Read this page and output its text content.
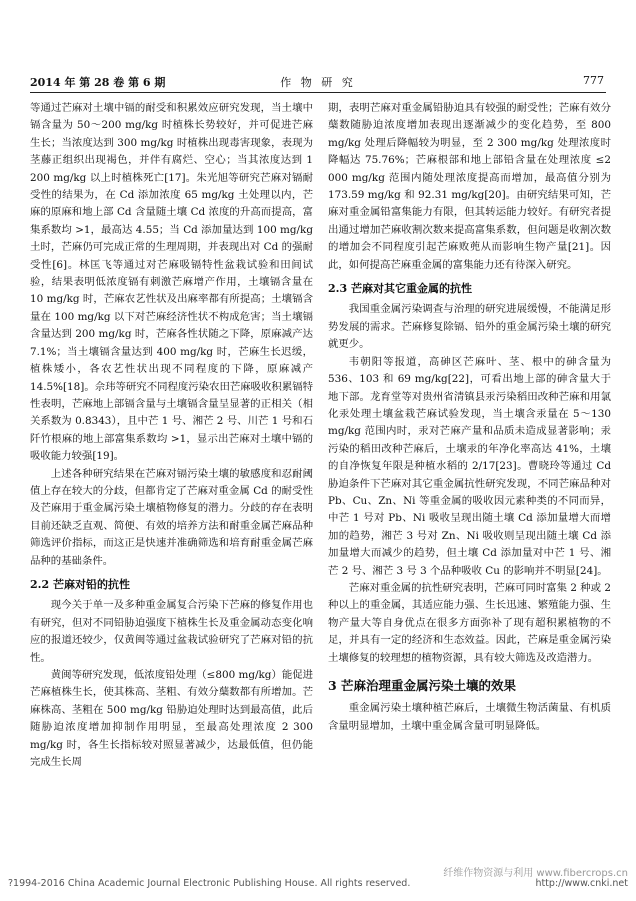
2014 年 第 28 卷 第 6 期	作 物 研 究	777

等通过芒麻对土壤中镉的耐受和积累效应研究发现，当土壤中镉含量为 50～200 mg/kg 时植株长势较好，并可促进芒麻生长；当浓度达到 300 mg/kg 时植株出现毒害现象，表现为茎藤正组织出现褐色，并伴有腐烂、空心；当其浓度达到 1 200 mg/kg 以上时植株死亡[17]。朱光旭等研究芒麻对镉耐受性的结果为，在 Cd 添加浓度 65 mg/kg 土处理以内，芒麻的原麻和地上部 Cd 含量随土壤 Cd 浓度的升高而提高，富集系数均 >1，最高达 4.55；当 Cd 添加量达到 100 mg/kg 土时，芒麻仍可完成正常的生理周期，并表现出对 Cd 的强耐受性[6]。林匡飞等通过对芒麻吸镉特性盆栽试验和田间试验，结果表明低浓度镉有刺激芒麻增产作用，土壤镉含量在 10 mg/kg 时，芒麻农艺性状及出麻率都有所提高；土壤镉含量在 100 mg/kg 以下对芒麻经济性状不构成危害；当土壤镉含量达到 200 mg/kg 时，芒麻各性状随之下降，原麻减产达 7.1%；当土壤镉含量达到 400 mg/kg 时，芒麻生长迟缓，植株矮小，各农艺性状出现不同程度的下降，原麻减产 14.5%[18]。佘玮等研究不同程度污染农田芒麻吸收积累镉特性表明，芒麻地上部镉含量与土壤镉含量呈显著的正相关（相关系数为 0.8343），且中芒 1 号、湘芒 2 号、川芒 1 号和石阡竹根麻的地上部富集系数均 >1，显示出芒麻对土壤中镉的吸收能力较强[19]。

上述各种研究结果在芒麻对镉污染土壤的敏感度和忍耐阈值上存在较大的分歧，但都肯定了芒麻对重金属 Cd 的耐受性及芒麻用于重金属污染土壤植物修复的潜力。分歧的存在表明目前还缺乏直观、简便、有效的培养方法和耐重金属芒麻品种筛选评价指标，而这正是快速并准确筛选和培育耐重金属芒麻品种的基础条件。

2.2 芒麻对铅的抗性

现今关于单一及多种重金属复合污染下芒麻的修复作用也有研究，但对不同铅胁迫强度下植株生长及重金属动态变化响应的报道还较少，仅黄闽等通过盆栽试验研究了芒麻对铅的抗性。

黄闽等研究发现，低浓度铅处理（≤800 mg/kg）能促进芒麻植株生长，使其株高、茎粗、有效分蘖数都有所增加。芒麻株高、茎粗在 500 mg/kg 铅胁迫处理时达到最高值，此后随胁迫浓度增加抑制作用明显，至最高处理浓度 2 300 mg/kg 时，各生长指标较对照显著减少，达最低值，但仍能完成生长周

期，表明芒麻对重金属铅胁迫具有较强的耐受性；芒麻有效分蘖数随胁迫浓度增加表现出逐渐减少的变化趋势，至 800 mg/kg 处理后降幅较为明显，至 2 300 mg/kg 处理浓度时降幅达 75.76%；芒麻根部和地上部铅含量在处理浓度 ≤2 000 mg/kg 范围内随处理浓度提高而增加，最高值分别为 173.59 mg/kg 和 92.31 mg/kg[20]。由研究结果可知，芒麻对重金属铅富集能力有限，但其转运能力较好。有研究者提出通过增加芒麻收割次数来提高富集系数，但问题是收割次数的增加会不同程度引起芒麻败蔸从而影响生物产量[21]。因此，如何提高芒麻重金属的富集能力还有待深入研究。

2.3 芒麻对其它重金属的抗性

我国重金属污染调查与治理的研究进展缓慢，不能满足形势发展的需求。芒麻修复除镉、铅外的重金属污染土壤的研究就更少。

韦朝阳等报道，高砷区芒麻叶、茎、根中的砷含量为 536、103 和 69 mg/kg[22]，可看出地上部的砷含量大于地下部。龙育堂等对贵州省清镇县汞污染稻田改种芒麻和用氯化汞处理土壤盆栽芒麻试验发现，当土壤含汞量在 5～130 mg/kg 范围内时，汞对芒麻产量和品质未造成显著影响；汞污染的稻田改种芒麻后，土壤汞的年净化率高达 41%，土壤的自净恢复年限是种植水稻的 2/17[23]。曹晓玲等通过 Cd 胁迫条件下芒麻对其它重金属抗性研究发现，不同芒麻品种对 Pb、Cu、Zn、Ni 等重金属的吸收因元素种类的不同而异，中芒 1 号对 Pb、Ni 吸收呈现出随土壤 Cd 添加量增大而增加的趋势，湘芒 3 号对 Zn、Ni 吸收则呈现出随土壤 Cd 添加量增大而减少的趋势，但土壤 Cd 添加量对中芒 1 号、湘芒 2 号、湘芒 3 号 3 个品种吸收 Cu 的影响并不明显[24]。

芒麻对重金属的抗性研究表明，芒麻可同时富集 2 种或 2 种以上的重金属，其适应能力强、生长迅速、繁殖能力强、生物产量大等自身优点在很多方面弥补了现有超积累植物的不足，并具有一定的经济和生态效益。因此，芒麻是重金属污染土壤修复的较理想的植物资源，具有较大筛选及改造潜力。

3 芒麻治理重金属污染土壤的效果

重金属污染土壤种植芒麻后，土壤微生物活菌量、有机质含量明显增加，土壤中重金属含量可明显降低。

纤维作物资源与利用 www.fibercrops.cn
?1994-2016 China Academic Journal Electronic Publishing House. All rights reserved.	http://www.cnki.net
